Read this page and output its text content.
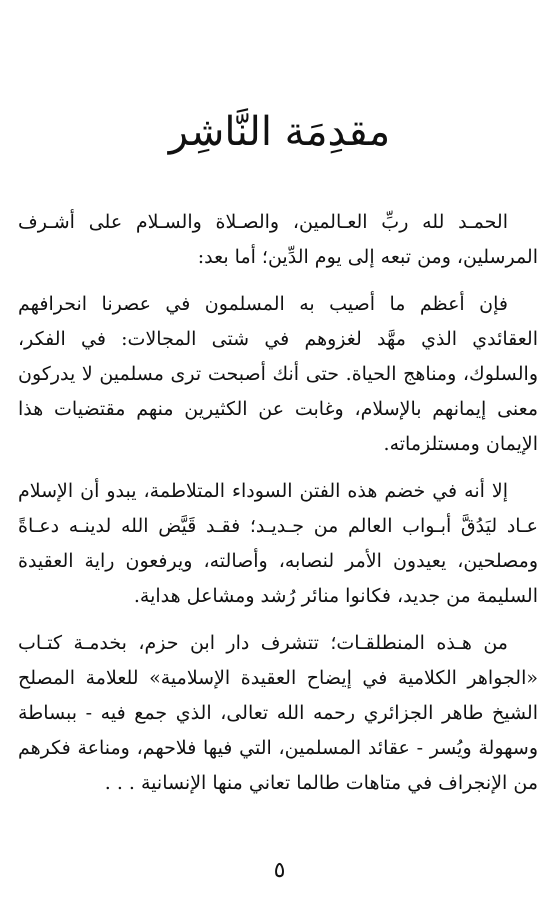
مقدِمَة النَّاشِر

الحمـد لله ربِّ العـالمين، والصـلاة والسـلام على أشـرف المرسلين، ومن تبعه إلى يوم الدِّين؛ أما بعد:

فإن أعظم ما أصيب به المسلمون في عصرنا انحرافهم العقائدي الذي مهَّد لغزوهم في شتى المجالات: في الفكر، والسلوك، ومناهج الحياة. حتى أنك أصبحت ترى مسلمين لا يدركون معنى إيمانهم بالإسلام، وغابت عن الكثيرين منهم مقتضيات هذا الإيمان ومستلزماته.

إلا أنه في خضم هذه الفتن السوداء المتلاطمة، يبدو أن الإسلام عـاد ليَدُقَّ أبـواب العالم من جـديـد؛ فقـد قَيَّض الله لدينـه دعـاةً ومصلحين، يعيدون الأمر لنصابه، وأصالته، ويرفعون راية العقيدة السليمة من جديد، فكانوا منائر رُشد ومشاعل هداية.

من هـذه المنطلقـات؛ تتشرف دار ابن حزم، بخدمـة كتـاب «الجواهر الكلامية في إيضاح العقيدة الإسلامية» للعلامة المصلح الشيخ طاهر الجزائري رحمه الله تعالى، الذي جمع فيه - ببساطة وسهولة ويُسر - عقائد المسلمين، التي فيها فلاحهم، ومناعة فكرهم من الإنجراف في متاهات طالما تعاني منها الإنسانية . . .

٥
